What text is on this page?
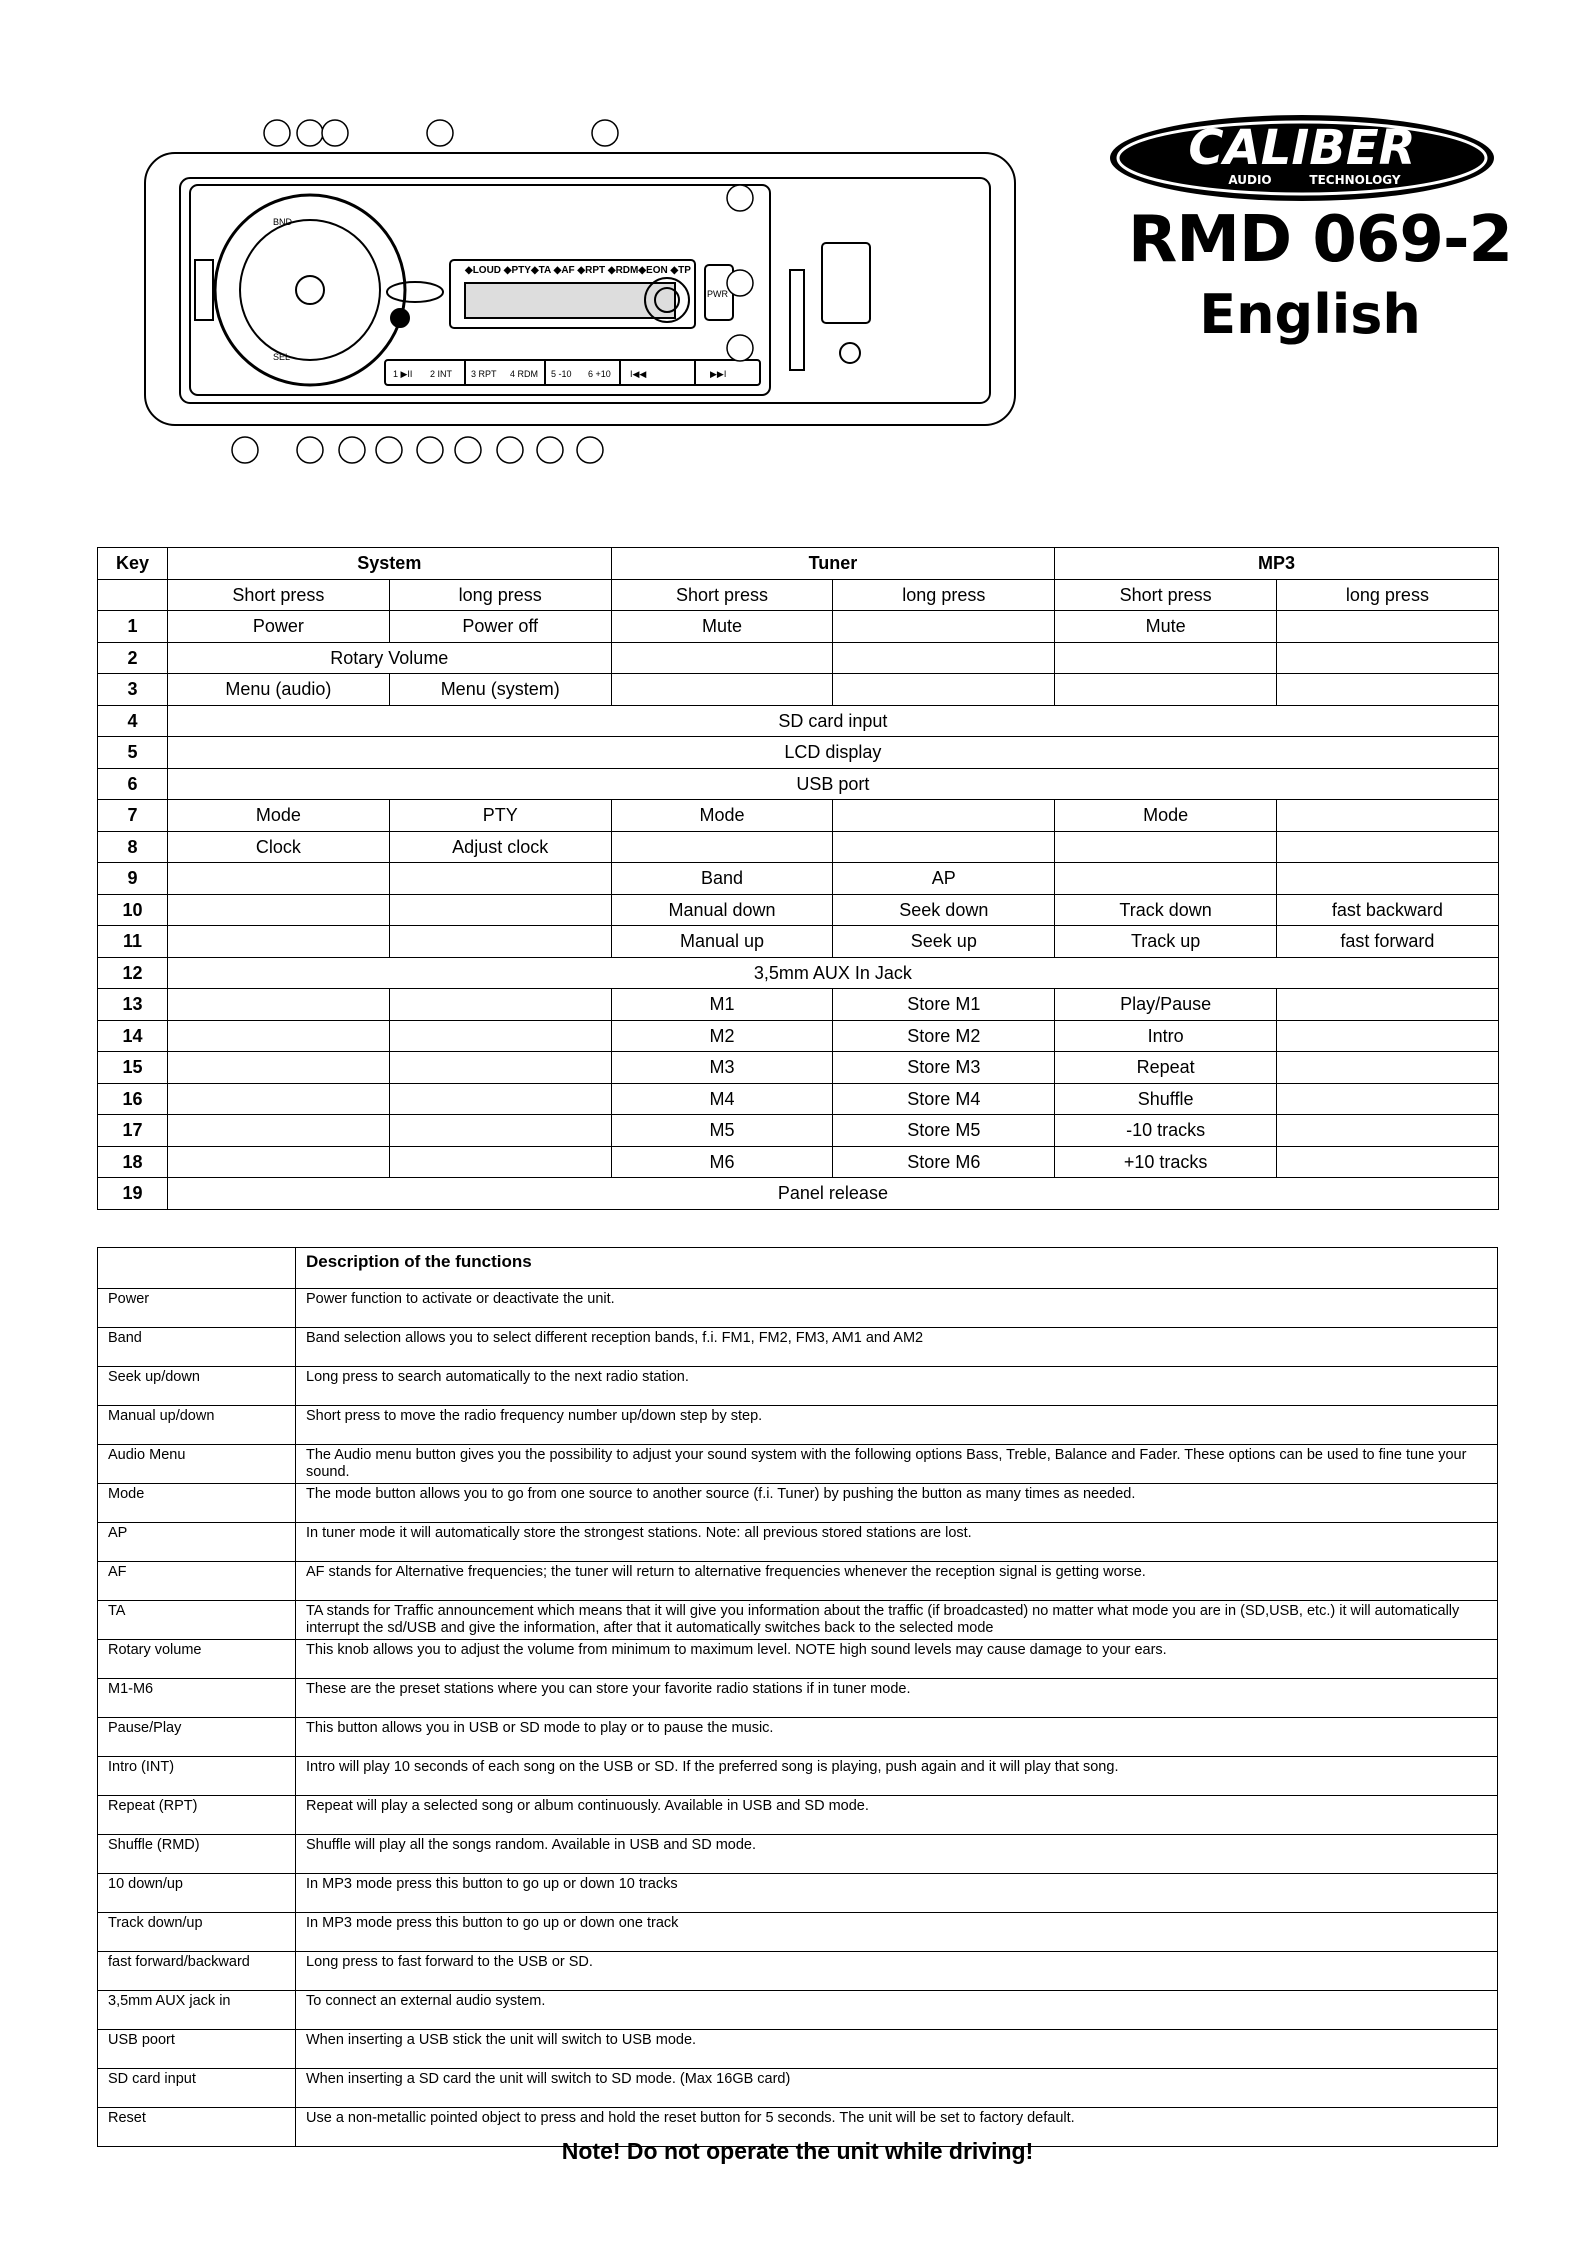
◆LOUD ◆PTY◆TA ◆AF ◆RPT ◆RDM◆EON ◆TP
BND
SEL
PWR
1 ▶II 2 INT 3 RPT 4 RDM 5 -10 6 +10 I◀◀	▶▶I
CALIBER
AUDIO	TECHNOLOGY
RMD 069-2
English
Key	System		Tuner		MP3	
	Short press	long press	Short press	long press	Short press	long press
1	Power	Power off	Mute		Mute	
2	Rotary Volume					
3	Menu (audio)	Menu (system)				
4	SD card input					
5	LCD display					
6	USB port					
7	Mode	PTY	Mode		Mode	
8	Clock	Adjust clock				
9			Band	AP		
10			Manual down	Seek down	Track down	fast backward
11			Manual up	Seek up	Track up	fast forward
12	3,5mm AUX In Jack					
13			M1	Store M1	Play/Pause	
14			M2	Store M2	Intro	
15			M3	Store M3	Repeat	
16			M4	Store M4	Shuffle	
17			M5	Store M5	-10 tracks	
18			M6	Store M6	+10 tracks	
19	Panel release					
	Description of the functions
Power	Power function to activate or deactivate the unit.
Band	Band selection allows you to select different reception bands, f.i. FM1, FM2, FM3, AM1 and AM2
Seek up/down	Long press to search automatically to the next radio station.
Manual up/down	Short press to move the radio frequency number up/down step by step.
Audio Menu	The Audio menu button gives you the possibility to adjust your sound system with the following options Bass, Treble, Balance and Fader. These options can be used to fine tune your sound.
Mode	The mode button allows you to go from one source to another source (f.i. Tuner) by pushing the button as many times as needed.
AP	In tuner mode it will automatically store the strongest stations. Note: all previous stored stations are lost.
AF	AF stands for Alternative frequencies; the tuner will return to alternative frequencies whenever the reception signal is getting worse.
TA	TA stands for Traffic announcement which means that it will give you information about the traffic (if broadcasted) no matter what mode you are in (SD,USB, etc.) it will automatically interrupt the sd/USB and give the information, after that it automatically switches back to the selected mode
Rotary volume	This knob allows you to adjust the volume from minimum to maximum level. NOTE high sound levels may cause damage to your ears.
M1-M6	These are the preset stations where you can store your favorite radio stations if in tuner mode.
Pause/Play	This button allows you in USB or SD mode to play or to pause the music.
Intro (INT)	Intro will play 10 seconds of each song on the USB or SD. If the preferred song is playing, push again and it will play that song.
Repeat (RPT)	Repeat will play a selected song or album continuously. Available in USB and SD mode.
Shuffle (RMD)	Shuffle will play all the songs random. Available in USB and SD mode.
10 down/up	In MP3 mode press this button to go up or down 10 tracks
Track down/up	In MP3 mode press this button to go up or down one track
fast forward/backward	Long press to fast forward to the USB or SD.
3,5mm AUX jack in	To connect an external audio system.
USB poort	When inserting a USB stick the unit will switch to USB mode.
SD card input	When inserting a SD card the unit will switch to SD mode. (Max 16GB card)
Reset	Use a non-metallic pointed object to press and hold the reset button for 5 seconds. The unit will be set to factory default.
Note! Do not operate the unit while driving!
